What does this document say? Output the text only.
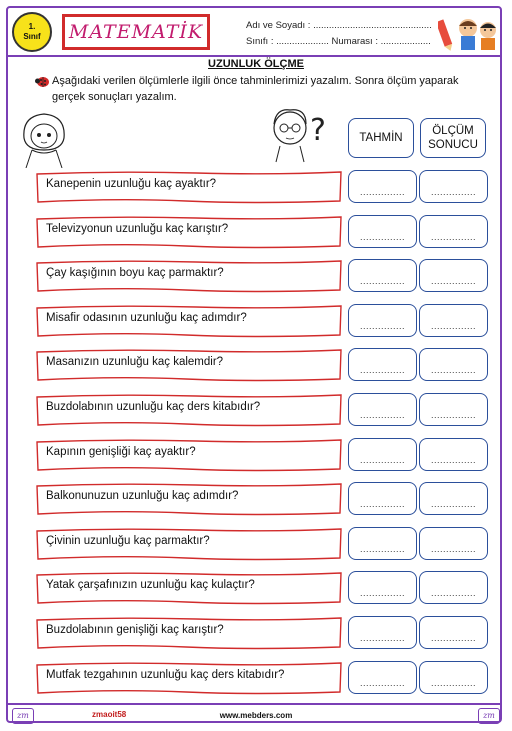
1.
Sınıf	MATEMATİK	Adı ve Soyadı : .............................................
Sınıfı : .................... Numarası : ...................
UZUNLUK ÖLÇME
Aşağıdaki verilen ölçümlerle ilgili önce tahminlerimizi yazalım. Sonra ölçüm yaparak gerçek sonuçları yazalım.
?	TAHMİN
ÖLÇÜM
SONUCU
Kanepenin uzunluğu kaç ayaktır?
...............	...............
Televizyonun uzunluğu kaç karıştır?
...............	...............
Çay kaşığının boyu kaç parmaktır?
...............	...............
Misafir odasının uzunluğu kaç adımdır?
...............	...............
Masanızın uzunluğu kaç kalemdir?
...............	...............
Buzdolabının uzunluğu kaç ders kitabıdır?
...............	...............
Kapının genişliği kaç ayaktır?
...............	...............
Balkonunuzun uzunluğu kaç adımdır?
...............	...............
Çivinin uzunluğu kaç parmaktır?
...............	...............
Yatak çarşafınızın uzunluğu kaç kulaçtır?
...............	...............
Buzdolabının genişliği kaç karıştır?
...............	...............
Mutfak tezgahının uzunluğu kaç ders kitabıdır?
...............	...............
zm	zm
zmaoit58	www.mebders.com
